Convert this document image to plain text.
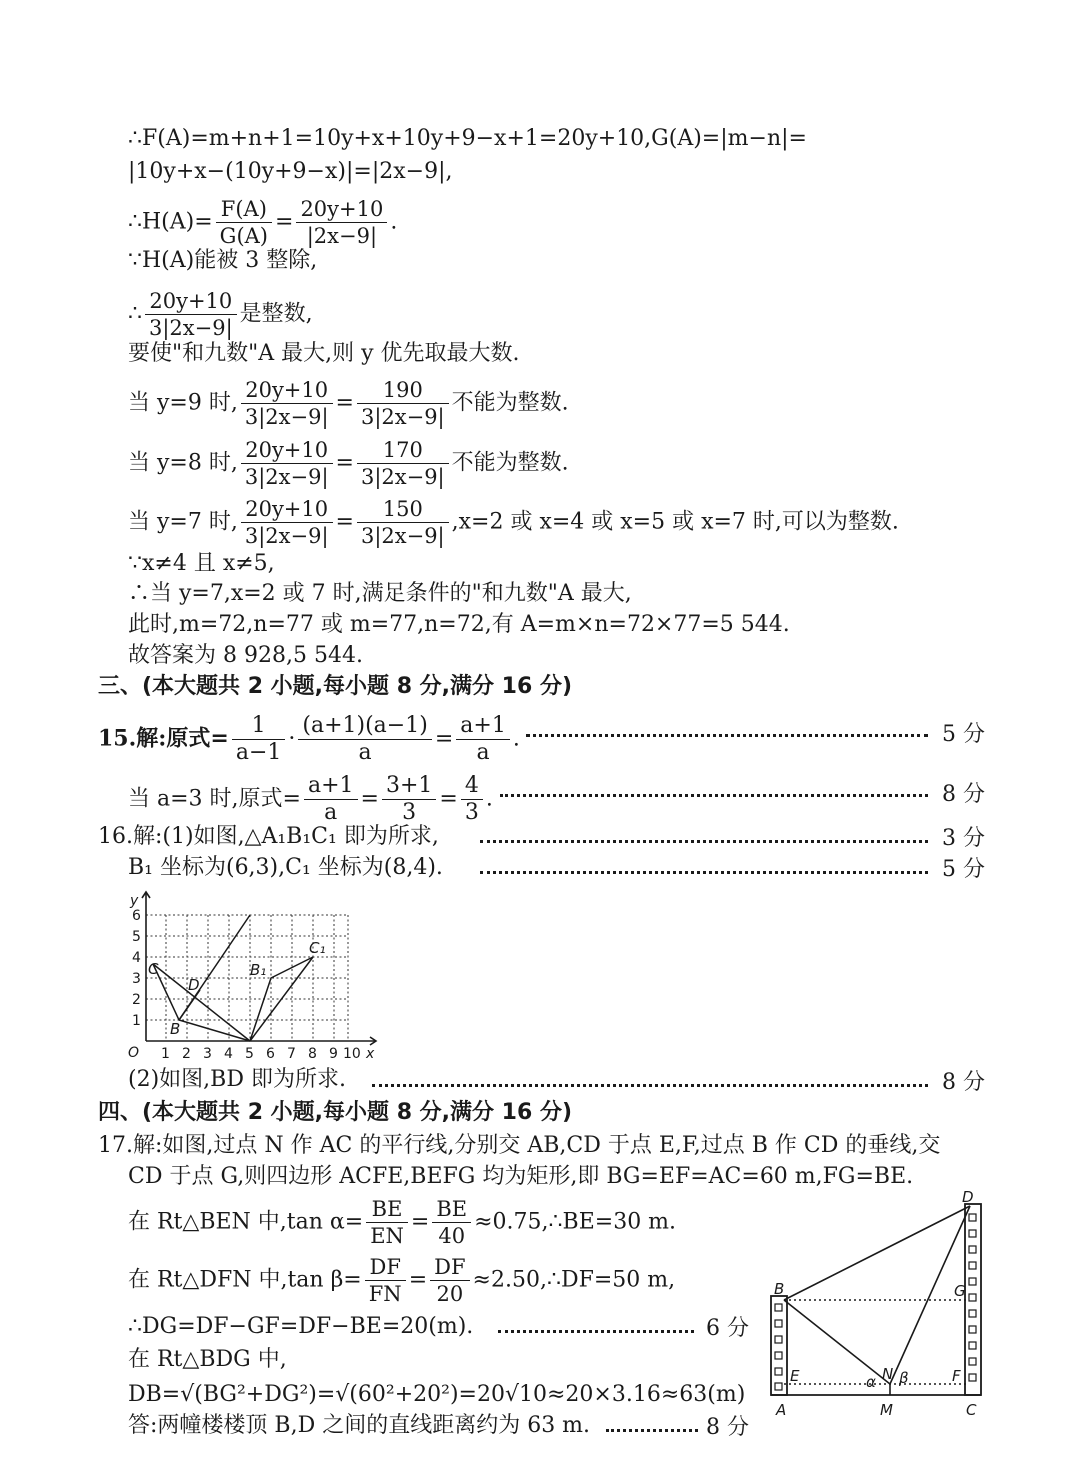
∴F(A)=m+n+1=10y+x+10y+9−x+1=20y+10,G(A)=|m−n|=
|10y+x−(10y+9−x)|=|2x−9|,
∴H(A)= $\frac{F(A)}{G(A)} = \frac{20y+10}{|2x-9|}$ .
∵H(A)能被 3 整除,
∴ $\frac{20y+10}{3|2x-9|}$ 是整数,
要使"和九数"A 最大,则 y 优先取最大数.
当 y=9 时, $\frac{20y+10}{3|2x-9|} = \frac{190}{3|2x-9|}$ 不能为整数.
当 y=8 时, $\frac{20y+10}{3|2x-9|} = \frac{170}{3|2x-9|}$ 不能为整数.
当 y=7 时, $\frac{20y+10}{3|2x-9|} = \frac{150}{3|2x-9|} ,x=2$ 或 x=4 或 x=5 或 x=7 时,可以为整数.
∵x≠4 且 x≠5,
∴当 y=7,x=2 或 7 时,满足条件的"和九数"A 最大,
此时,m=72,n=77 或 m=77,n=72,有 A=m×n=72×77=5 544.
故答案为 8 928,5 544.
三、(本大题共 2 小题,每小题 8 分,满分 16 分)
15.解:原式= $\frac{1}{a-1} \cdot \frac{(a+1)(a-1)}{a} = \frac{a+1}{a}$ .	5 分
当 a=3 时,原式= $\frac{a+1}{a} = \frac{3+1}{3} = \frac{4}{3}$ .	8 分
16.解:(1)如图,△A₁B₁C₁ 即为所求,	3 分
B₁ 坐标为(6,3),C₁ 坐标为(8,4).	5 分
y
1
2
3
4
5
6
O 1 2 3 4 5 6 7 8 9 10 x
C
D
B
B₁
C₁
(2)如图,BD 即为所求.	8 分
四、(本大题共 2 小题,每小题 8 分,满分 16 分)
17.解:如图,过点 N 作 AC 的平行线,分别交 AB,CD 于点 E,F,过点 B 作 CD 的垂线,交
CD 于点 G,则四边形 ACFE,BEFG 均为矩形,即 BG=EF=AC=60 m,FG=BE.
在 Rt△BEN 中,tan $\alpha= \frac{BE}{EN} = \frac{BE}{40}$ ≈0.75,∴BE=30 m.
在 Rt△DFN 中,tan $\beta= \frac{DF}{FN} = \frac{DF}{20}$ ≈2.50,∴DF=50 m,
∴DG=DF−GF=DF−BE=20(m).	6 分
在 Rt△BDG 中,
DB=√(BG²+DG²)=√(60²+20²)=20√10≈20×3.16≈63(m)
答:两幢楼楼顶 B,D 之间的直线距离约为 63 m.	8 分
D
B	G
N
α β
E	F
A	M	C
